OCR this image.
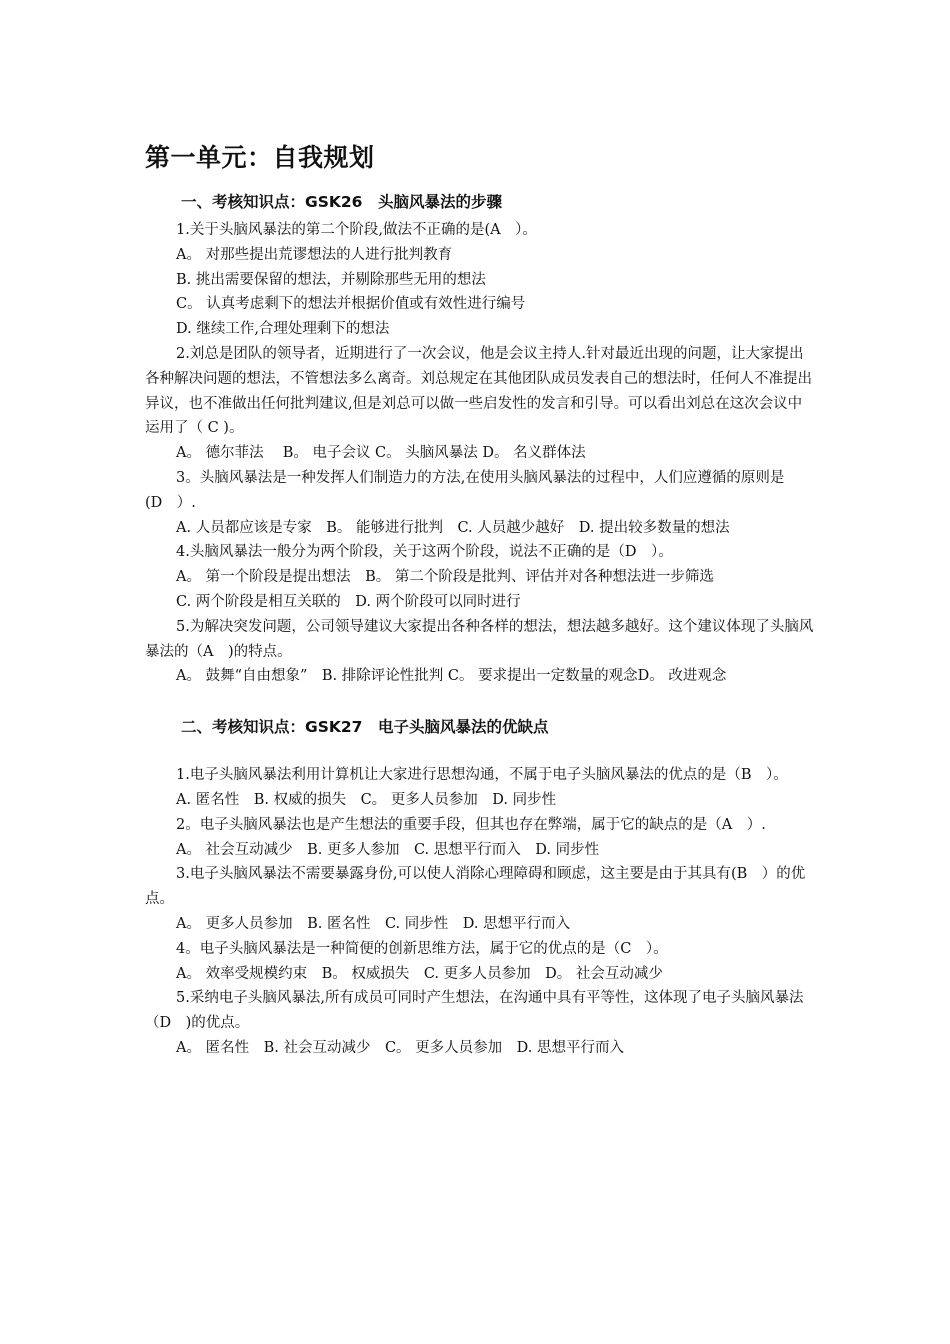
第一单元：自我规划
一、考核知识点：GSK26　头脑风暴法的步骤

1.关于头脑风暴法的第二个阶段,做法不正确的是(A　）。

A。 对那些提出荒谬想法的人进行批判教育

B. 挑出需要保留的想法，并剔除那些无用的想法

C。 认真考虑剩下的想法并根据价值或有效性进行编号

D. 继续工作,合理处理剩下的想法

2.刘总是团队的领导者，近期进行了一次会议，他是会议主持人.针对最近出现的问题，让大家提出各种解决问题的想法，不管想法多么离奇。刘总规定在其他团队成员发表自己的想法时，任何人不准提出异议，也不准做出任何批判建议,但是刘总可以做一些启发性的发言和引导。可以看出刘总在这次会议中运用了（ C )。

A。 德尔菲法　 B。 电子会议 C。 头脑风暴法 D。 名义群体法

3。头脑风暴法是一种发挥人们制造力的方法,在使用头脑风暴法的过程中，人们应遵循的原则是(D　）.

A. 人员都应该是专家　B。 能够进行批判　C. 人员越少越好　D. 提出较多数量的想法

4.头脑风暴法一般分为两个阶段，关于这两个阶段，说法不正确的是（D　）。

A。 第一个阶段是提出想法　B。 第二个阶段是批判、评估并对各种想法进一步筛选

C. 两个阶段是相互关联的　D. 两个阶段可以同时进行

5.为解决突发问题，公司领导建议大家提出各种各样的想法，想法越多越好。这个建议体现了头脑风暴法的（A　)的特点。

A。 鼓舞“自由想象”　B. 排除评论性批判 C。 要求提出一定数量的观念D。 改进观念

二、考核知识点：GSK27　电子头脑风暴法的优缺点

1.电子头脑风暴法利用计算机让大家进行思想沟通，不属于电子头脑风暴法的优点的是（B　）。

A. 匿名性　B. 权威的损失　C。 更多人员参加　D. 同步性

2。电子头脑风暴法也是产生想法的重要手段，但其也存在弊端，属于它的缺点的是（A　）.

A。 社会互动减少　B. 更多人参加　C. 思想平行而入　D. 同步性

3.电子头脑风暴法不需要暴露身份,可以使人消除心理障碍和顾虑，这主要是由于其具有(B　）的优点。

A。 更多人员参加　B. 匿名性　C. 同步性　D. 思想平行而入

4。电子头脑风暴法是一种简便的创新思维方法，属于它的优点的是（C　）。

A。 效率受规模约束　B。 权威损失　C. 更多人员参加　D。 社会互动减少

5.采纳电子头脑风暴法,所有成员可同时产生想法，在沟通中具有平等性，这体现了电子头脑风暴法（D　)的优点。

A。 匿名性　B. 社会互动减少　C。 更多人员参加　D. 思想平行而入
